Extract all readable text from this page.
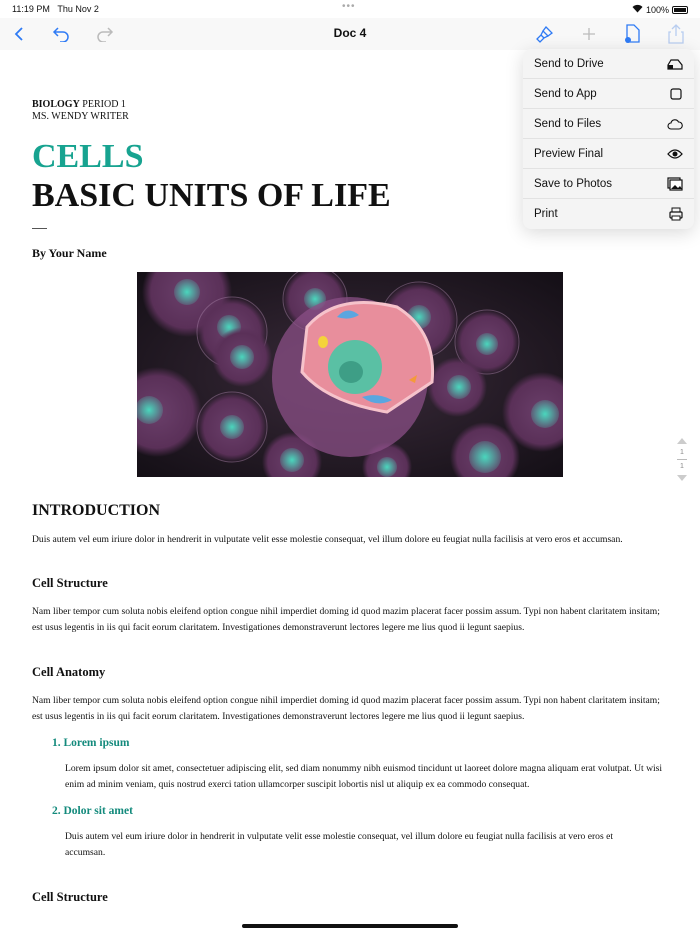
11:19 PM Thu Nov 2	•••	100%
Doc 4
BIOLOGY PERIOD 1
MS. WENDY WRITER
CELLS
BASIC UNITS OF LIFE
By Your Name
INTRODUCTION
Duis autem vel eum iriure dolor in hendrerit in vulputate velit esse molestie consequat, vel illum dolore eu feugiat nulla facilisis at vero eros et accumsan.
Cell Structure
Nam liber tempor cum soluta nobis eleifend option congue nihil imperdiet doming id quod mazim placerat facer possim assum. Typi non habent claritatem insitam; est usus legentis in iis qui facit eorum claritatem. Investigationes demonstraverunt lectores legere me lius quod ii legunt saepius.
Cell Anatomy
Nam liber tempor cum soluta nobis eleifend option congue nihil imperdiet doming id quod mazim placerat facer possim assum. Typi non habent claritatem insitam; est usus legentis in iis qui facit eorum claritatem. Investigationes demonstraverunt lectores legere me lius quod ii legunt saepius.
1. Lorem ipsum
Lorem ipsum dolor sit amet, consectetuer adipiscing elit, sed diam nonummy nibh euismod tincidunt ut laoreet dolore magna aliquam erat volutpat. Ut wisi enim ad minim veniam, quis nostrud exerci tation ullamcorper suscipit lobortis nisl ut aliquip ex ea commodo consequat.
2. Dolor sit amet
Duis autem vel eum iriure dolor in hendrerit in vulputate velit esse molestie consequat, vel illum dolore eu feugiat nulla facilisis at vero eros et accumsan.
Cell Structure
Send to Drive
Send to App
Send to Files
Preview Final
Save to Photos
Print
1
1
